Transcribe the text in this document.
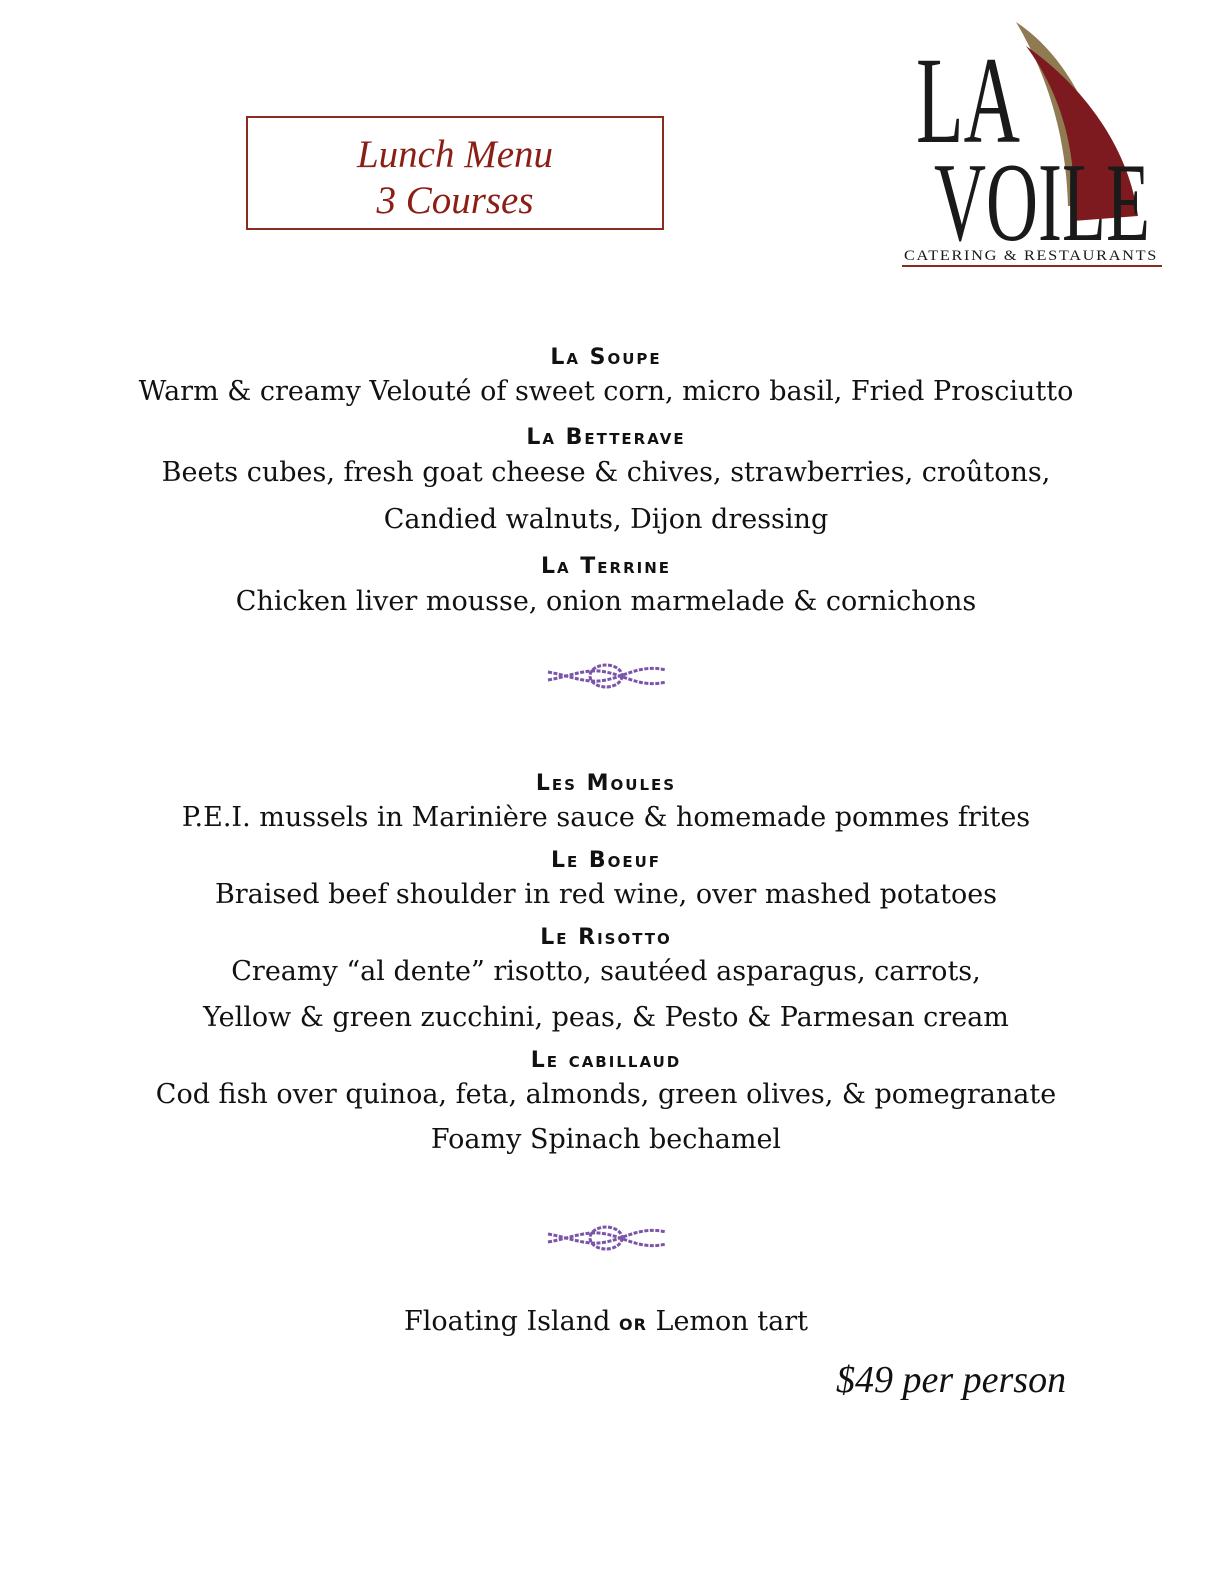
Lunch Menu
3 Courses
LA
VOILE
CATERING & RESTAURANTS
La Soupe
Warm & creamy Velouté of sweet corn, micro basil, Fried Prosciutto
La Betterave
Beets cubes, fresh goat cheese & chives, strawberries, croûtons,
Candied walnuts, Dijon dressing
La Terrine
Chicken liver mousse, onion marmelade & cornichons
Les Moules
P.E.I. mussels in Marinière sauce & homemade pommes frites
Le Boeuf
Braised beef shoulder in red wine, over mashed potatoes
Le Risotto
Creamy “al dente” risotto, sautéed asparagus, carrots,
Yellow & green zucchini, peas, & Pesto & Parmesan cream
Le cabillaud
Cod fish over quinoa, feta, almonds, green olives, & pomegranate
Foamy Spinach bechamel
Floating Island or Lemon tart
$49 per person
